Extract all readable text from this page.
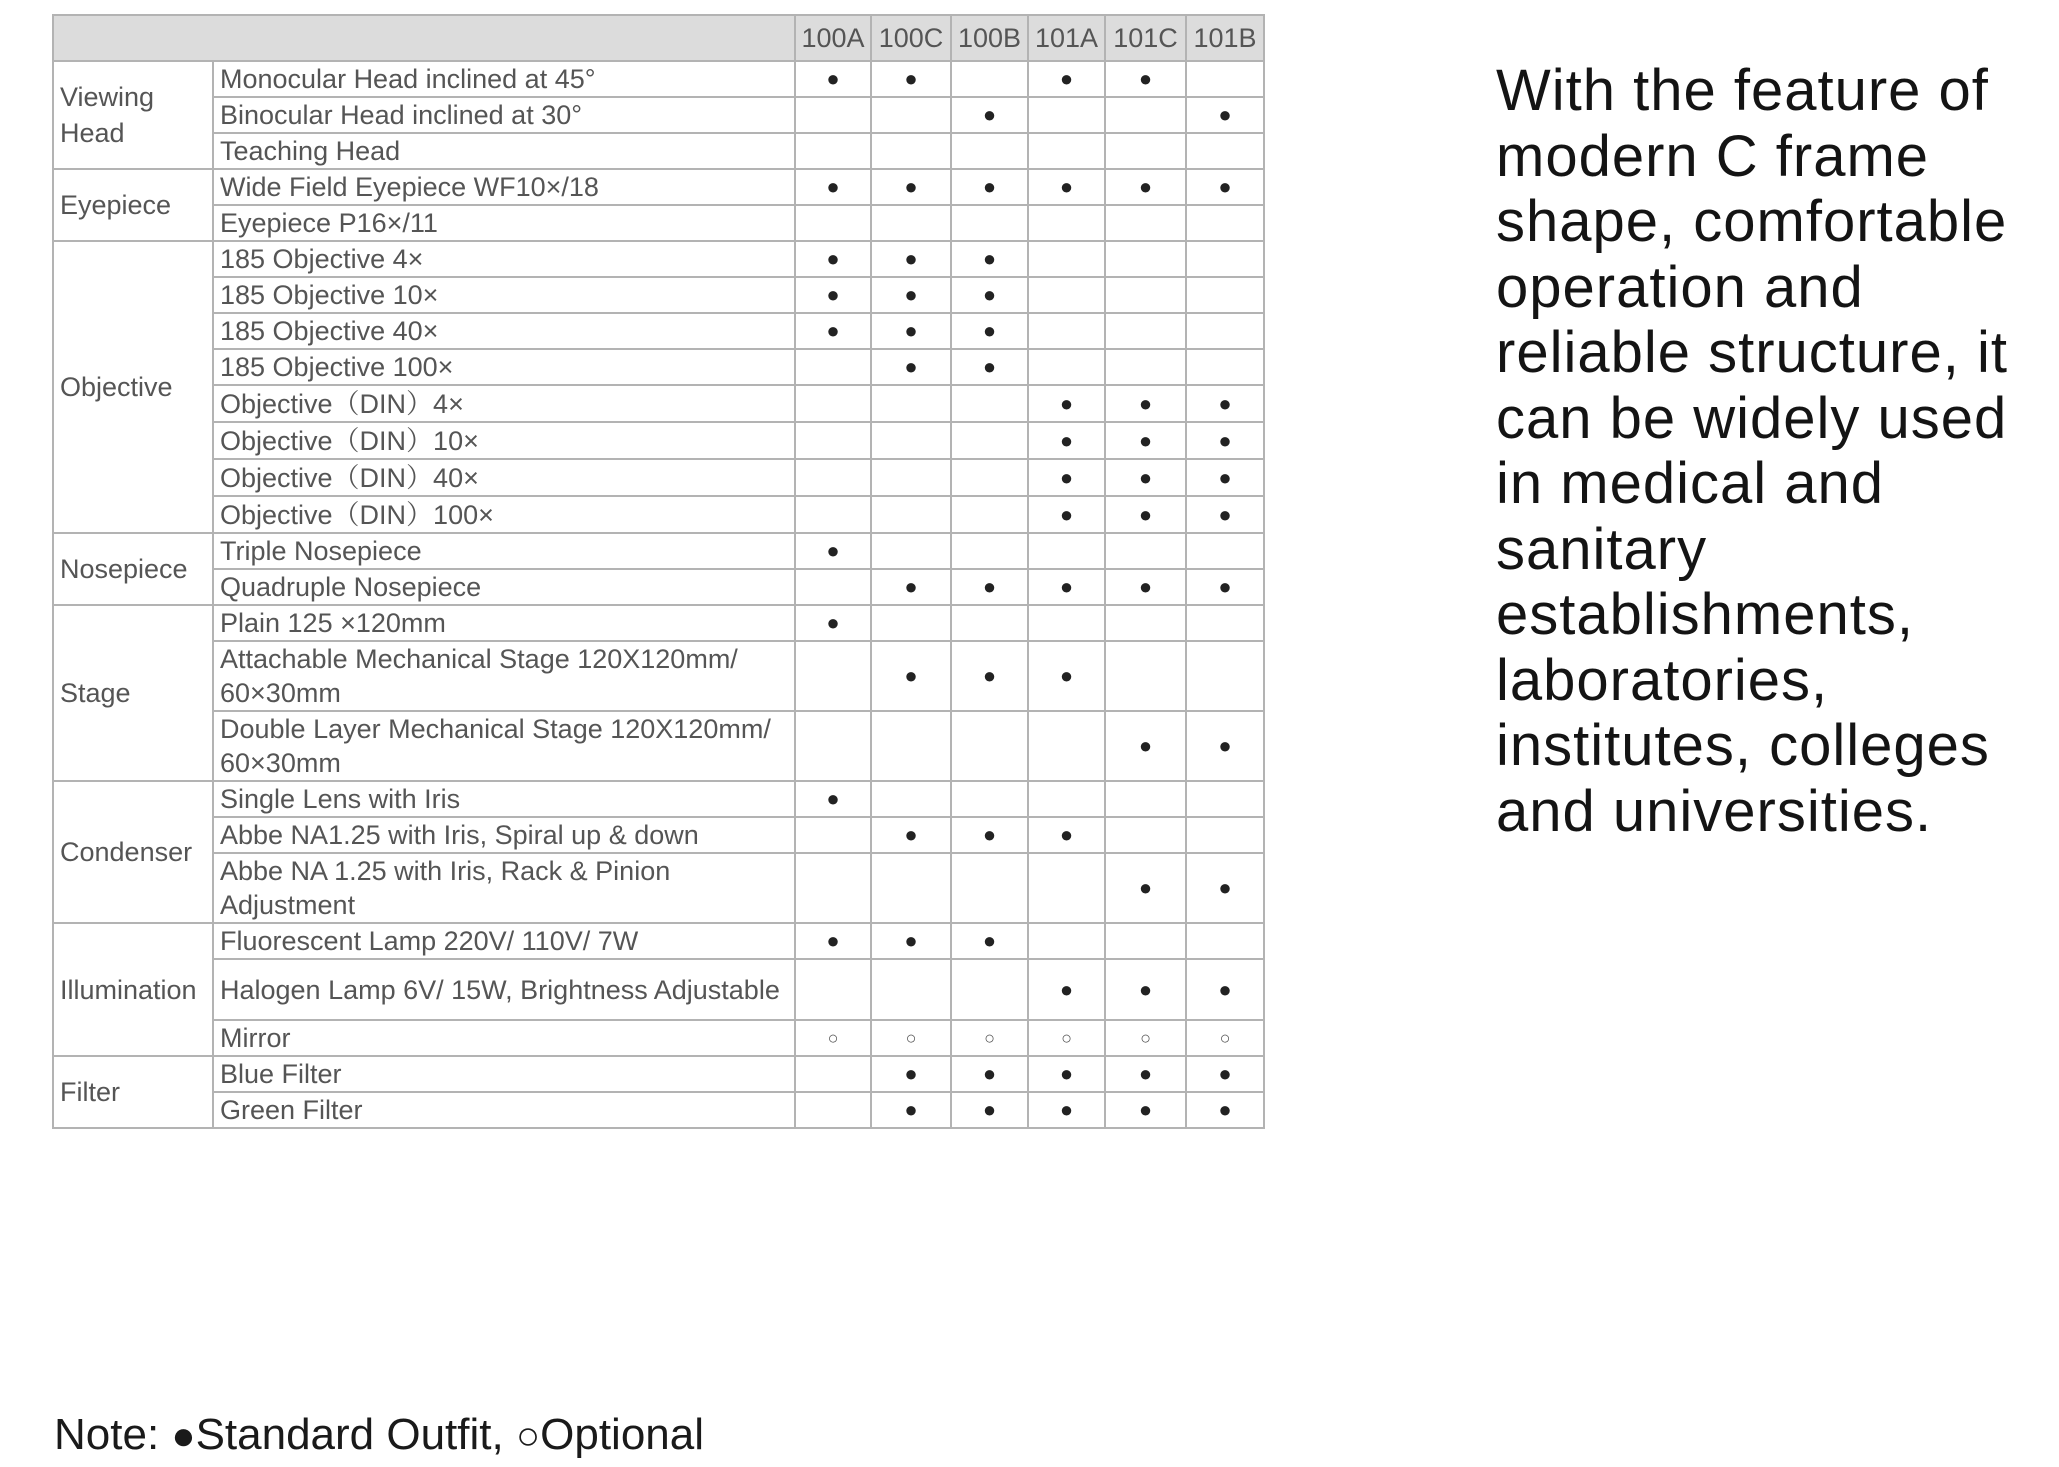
		100A	100C	100B	101A	101C	101B
Viewing Head	Monocular Head inclined at 45°	●	●		●	●	
	Binocular Head inclined at 30°			●			●
	Teaching Head						
Eyepiece	Wide Field Eyepiece WF10×/18	●	●	●	●	●	●
	Eyepiece P16×/11						
Objective	185 Objective 4×	●	●	●			
	185 Objective 10×	●	●	●			
	185 Objective 40×	●	●	●			
	185 Objective 100×		●	●			
	Objective（DIN）4×				●	●	●
	Objective（DIN）10×				●	●	●
	Objective（DIN）40×				●	●	●
	Objective（DIN）100×				●	●	●
Nosepiece	Triple Nosepiece	●					
	Quadruple Nosepiece		●	●	●	●	●
Stage	Plain 125 ×120mm	●					
	Attachable Mechanical Stage 120X120mm/ 60×30mm		●	●	●		
	Double Layer Mechanical Stage 120X120mm/ 60×30mm					●	●
Condenser	Single Lens with Iris	●					
	Abbe NA1.25 with Iris, Spiral up & down		●	●	●		
	Abbe NA 1.25 with Iris, Rack & Pinion Adjustment					●	●
Illumination	Fluorescent Lamp 220V/ 110V/ 7W	●	●	●			
	Halogen Lamp 6V/ 15W, Brightness Adjustable				●	●	●
	Mirror	○	○	○	○	○	○
Filter	Blue Filter		●	●	●	●	●
	Green Filter		●	●	●	●	●
Note: ●Standard Outfit, ○Optional
With the feature of modern C frame shape, comfortable operation and reliable structure, it can be widely used in medical and sanitary establishments, laboratories, institutes, colleges and universities.
